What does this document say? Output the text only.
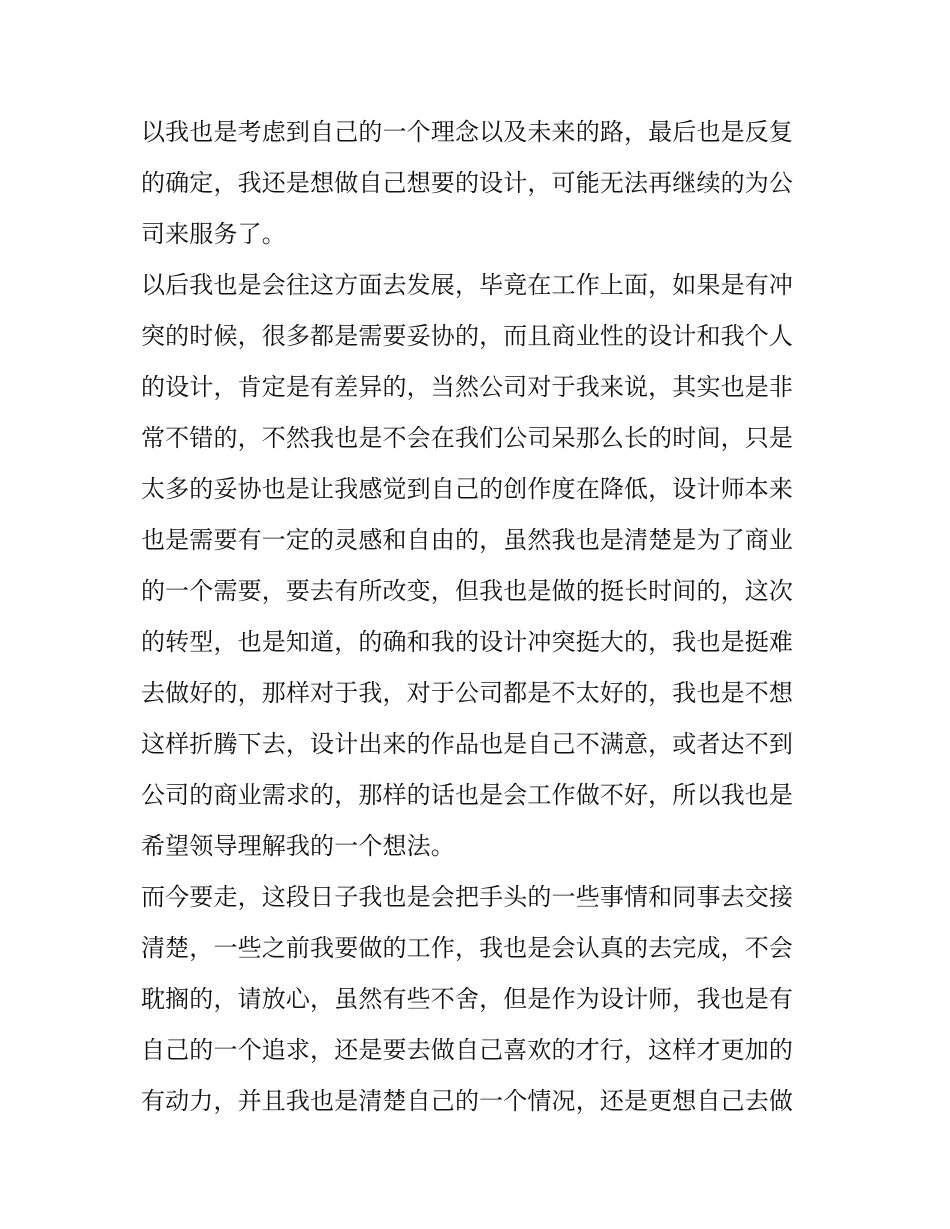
以我也是考虑到自己的一个理念以及未来的路，最后也是反复
的确定，我还是想做自己想要的设计，可能无法再继续的为公
司来服务了。
以后我也是会往这方面去发展，毕竟在工作上面，如果是有冲
突的时候，很多都是需要妥协的，而且商业性的设计和我个人
的设计，肯定是有差异的，当然公司对于我来说，其实也是非
常不错的，不然我也是不会在我们公司呆那么长的时间，只是
太多的妥协也是让我感觉到自己的创作度在降低，设计师本来
也是需要有一定的灵感和自由的，虽然我也是清楚是为了商业
的一个需要，要去有所改变，但我也是做的挺长时间的，这次
的转型，也是知道，的确和我的设计冲突挺大的，我也是挺难
去做好的，那样对于我，对于公司都是不太好的，我也是不想
这样折腾下去，设计出来的作品也是自己不满意，或者达不到
公司的商业需求的，那样的话也是会工作做不好，所以我也是
希望领导理解我的一个想法。
而今要走，这段日子我也是会把手头的一些事情和同事去交接
清楚，一些之前我要做的工作，我也是会认真的去完成，不会
耽搁的，请放心，虽然有些不舍，但是作为设计师，我也是有
自己的一个追求，还是要去做自己喜欢的才行，这样才更加的
有动力，并且我也是清楚自己的一个情况，还是更想自己去做
